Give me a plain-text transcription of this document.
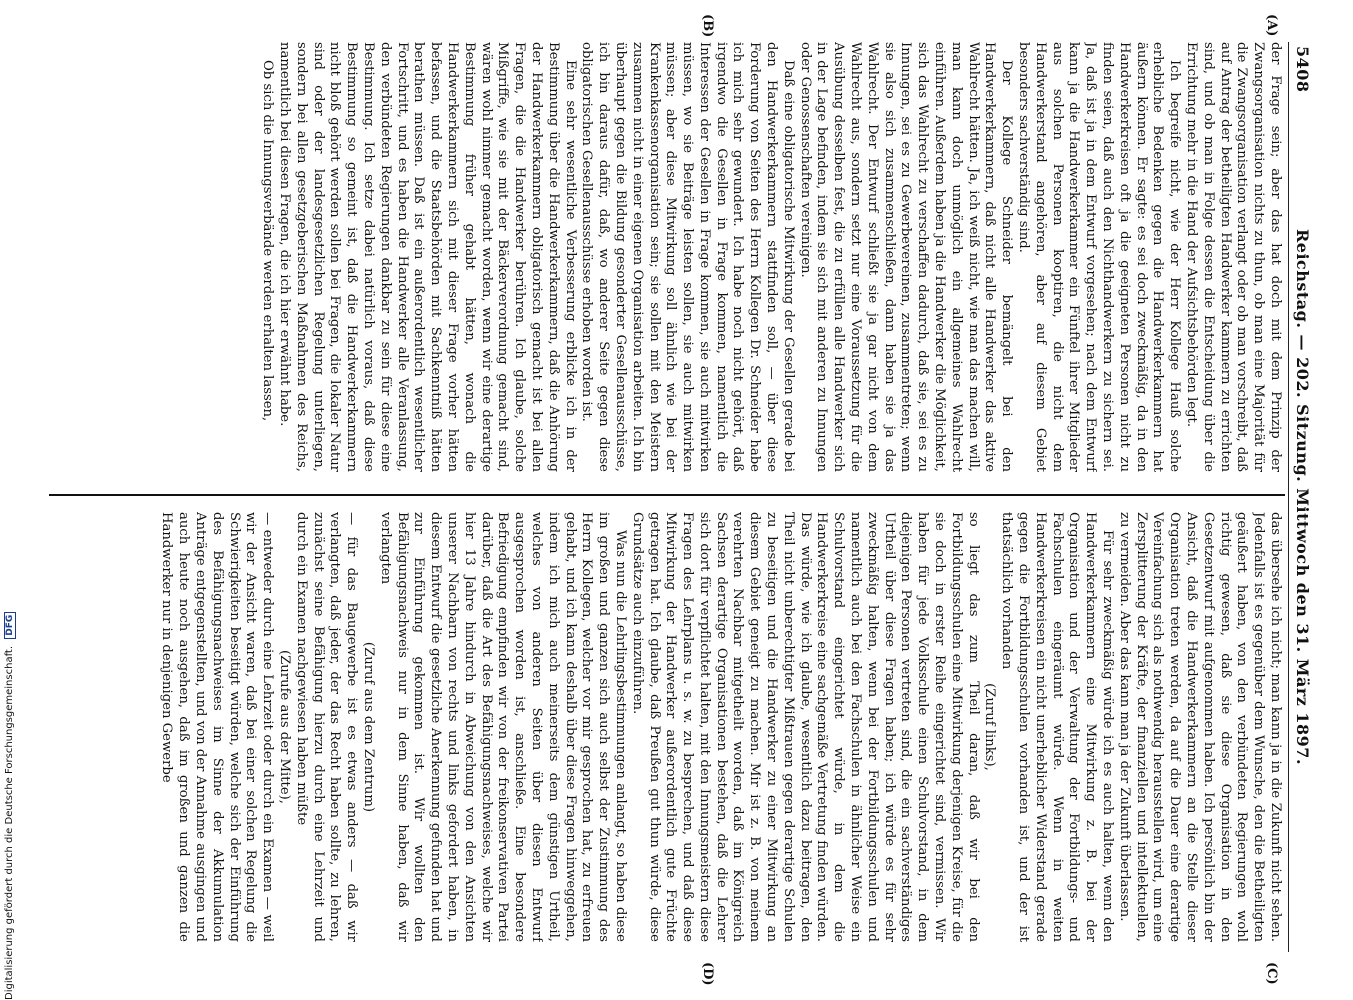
5408
Reichstag. — 202. Sitzung. Mittwoch den 31. März 1897.
(A)
(B)
(C)
(D)

der Frage sein; aber das hat doch mit dem Prinzip der Zwangsorganisation nichts zu thun, ob man eine Majorität für die Zwangsorganisation verlangt oder ob man vorschreibt, daß auf Antrag der betheiligten Handwerker kammern zu errichten sind, und ob man in Folge dessen die Entscheidung über die Errichtung mehr in die Hand der Aufsichtsbehörden legt.

Ich begreife nicht, wie der Herr Kollege Hauß solche erhebliche Bedenken gegen die Handwerkerkammern hat äußern können. Er sagte: es sei doch zweckmäßig, da in den Handwerkerkreisen oft ja die geeigneten Personen nicht zu finden seien, daß auch den Nichthandwerkern zu sichern sei. Ja, daß ist ja in dem Entwurf vorgesehen; nach dem Entwurf kann ja die Handwerkerkammer ein Fünftel ihrer Mitglieder aus solchen Personen kooptiren, die nicht dem Handwerkerstand angehören, aber auf diesem Gebiet besonders sachverständig sind.

Der Kollege Schneider bemängelt bei den Handwerkerkammern, daß nicht alle Handwerker das aktive Wahlrecht hätten. Ja, ich weiß nicht, wie man das machen will, man kann doch unmöglich ein allgemeines Wahlrecht einführen. Außerdem haben ja die Handwerker die Möglichkeit, sich das Wahlrecht zu verschaffen dadurch, daß sie, sei es zu Innungen, sei es zu Gewerbevereinen, zusammentreten; wenn sie also sich zusammenschließen, dann haben sie ja das Wahlrecht. Der Entwurf schließt sie ja gar nicht von dem Wahlrecht aus, sondern setzt nur eine Voraussetzung für die Ausübung desselben fest, die zu erfüllen alle Handwerker sich in der Lage befinden, indem sie sich mit anderen zu Innungen oder Genossenschaften vereinigen.

Daß eine obligatorische Mitwirkung der Gesellen gerade bei den Handwerkerkammern stattfinden soll, — über diese Forderung von Seiten des Herrn Kollegen Dr. Schneider habe ich mich sehr gewundert. Ich habe noch nicht gehört, daß irgendwo die Gesellen in Frage kommen, namentlich die Interessen der Gesellen in Frage kommen, sie auch mitwirken müssen, wo sie Beiträge leisten sollen, sie auch mitwirken müssen; aber diese Mitwirkung soll ähnlich wie bei der Krankenkassenorganisation sein; sie sollen mit den Meistern zusammen nicht in einer eigenen Organisation arbeiten. Ich bin überhaupt gegen die Bildung gesonderter Gesellenausschüsse, ich bin daraus dafür, daß, wo anderer Seite gegen diese obligatorischen Gesellenausschüsse erhoben worden ist.

Eine sehr wesentliche Verbesserung erblicke ich in der Bestimmung über die Handwerkerkammern, daß die Anhörung der Handwerkerkammern obligatorisch gemacht ist bei allen Fragen, die die Handwerker berühren. Ich glaube, solche Mißgriffe, wie sie mit der Bäckerverordnung gemacht sind, wären wohl nimmer gemacht worden, wenn wir eine derartige Bestimmung früher gehabt hätten, wonach die Handwerkerkammern sich mit dieser Frage vorher hätten befassen, und die Staatsbehörden mit Sachkenntniß hätten berathen müssen. Daß ist ein außerordentlich wesentlicher Fortschritt, und es haben die Handwerker alle Veranlassung, den verbündeten Regierungen dankbar zu sein für diese eine Bestimmung. Ich setze dabei natürlich voraus, daß diese Bestimmung so gemeint ist, daß die Handwerkerkammern nicht bloß gehört werden sollen bei Fragen, die lokaler Natur sind oder der landesgesetzlichen Regelung unterliegen, sondern bei allen gesetzgeberischen Maßnahmen des Reichs, namentlich bei diesen Fragen, die ich hier erwähnt habe.

Ob sich die Innungsverbände werden erhalten lassen,

das übersehe ich nicht; man kann ja in die Zukunft nicht sehen. Jedenfalls ist es gegenüber dem Wunsche, den die Betheiligten geäußert haben, von den verbündeten Regierungen wohl richtig gewesen, daß sie diese Organisation in den Gesetzentwurf mit aufgenommen haben. Ich persönlich bin der Ansicht, daß die Handwerkerkammern an die Stelle dieser Organisation treten werden, da auf die Dauer eine derartige Vereinfachung sich als nothwendig herausstellen wird, um eine Zersplitterung der Kräfte, der finanziellen und intellektuellen, zu vermeiden. Aber das kann man ja der Zukunft überlassen.

Für sehr zweckmäßig würde ich es auch halten, wenn den Handwerkerkammern eine Mitwirkung z. B. bei der Organisation und der Verwaltung der Fortbildungs- und Fachschulen eingeräumt würde. Wenn in weiten Handwerkerkreisen ein nicht unerheblicher Widerstand gerade gegen die Fortbildungsschulen vorhanden ist, und der ist thatsächlich vorhanden

(Zuruf links),

so liegt das zum Theil daran, daß wir bei den Fortbildungsschulen eine Mitwirkung derjenigen Kreise, für die sie doch in erster Reihe eingerichtet sind, vermissen. Wir haben für jede Volksschule einen Schulvorstand, in dem diejenigen Personen vertreten sind, die ein sachverständiges Urtheil über diese Fragen haben; ich würde es für sehr zweckmäßig halten, wenn bei der Fortbildungsschulen und namentlich auch bei den Fachschulen in ähnlicher Weise ein Schulvorstand eingerichtet würde, in dem die Handwerkerkreise eine sachgemäße Vertretung finden würden. Das würde, wie ich glaube, wesentlich dazu beitragen, den Theil nicht unberechtigter Mißtrauen gegen derartige Schulen zu beseitigen und die Handwerker zu einer Mitwirkung an diesem Gebiet geneigt zu machen. Mir ist z. B. von meinem verehrten Nachbar mitgetheilt worden, daß im Königreich Sachsen derartige Organisationen bestehen, daß die Lehrer sich dort für verpflichtet halten, mit den Innungsmeistern diese Fragen des Lehrplans u. s. w. zu besprechen, und daß diese Mitwirkung der Handwerker außerordentlich gute Früchte getragen hat. Ich glaube, daß Preußen gut thun würde, diese Grundsätze auch einzuführen.

Was nun die Lehrlingsbestimmungen anlangt, so haben diese im großen und ganzen sich auch selbst der Zustimmung des Herrn Kollegen, welcher vor mir gesprochen hat, zu erfreuen gehabt, und ich kann deshalb über diese Fragen hinweggehen, indem ich mich auch meinerseits dem günstigen Urtheil, welches von anderen Seiten über diesen Entwurf ausgesprochen worden ist, anschließe. Eine besondere Befriedigung empfinden wir von der freikonservativen Partei darüber, daß die Art des Befähigungsnachweises, welche wir hier 13 Jahre hindurch in Abweichung von den Ansichten unserer Nachbarn von rechts und links gefordert haben, in diesem Entwurf die gesetzliche Anerkennung gefunden hat und zur Einführung gekommen ist. Wir wollten den Befähigungsnachweis nur in dem Sinne haben, daß wir verlangten

(Zuruf aus dem Zentrum)

— für das Baugewerbe ist es etwas anders — daß wir verlangten, daß jeder, der das Recht haben sollte, zu lehren, zunächst seine Befähigung hierzu durch eine Lehrzeit und durch ein Examen nachgewiesen haben müßte

(Zurufe aus der Mitte),

— entweder durch eine Lehrzeit oder durch ein Examen — weil wir der Ansicht waren, daß bei einer solchen Regelung die Schwierigkeiten beseitigt würden, welche sich der Einführung des Befähigungsnachweises im Sinne der Akkumulation Anträge entgegenstellten, und von der Annahme ausgingen und auch heute noch ausgehen, daß im großen und ganzen die Handwerker nur in denjenigen Gewerbe

Digitalisierung gefördert durch die Deutsche Forschungsgemeinschaft. DFG
